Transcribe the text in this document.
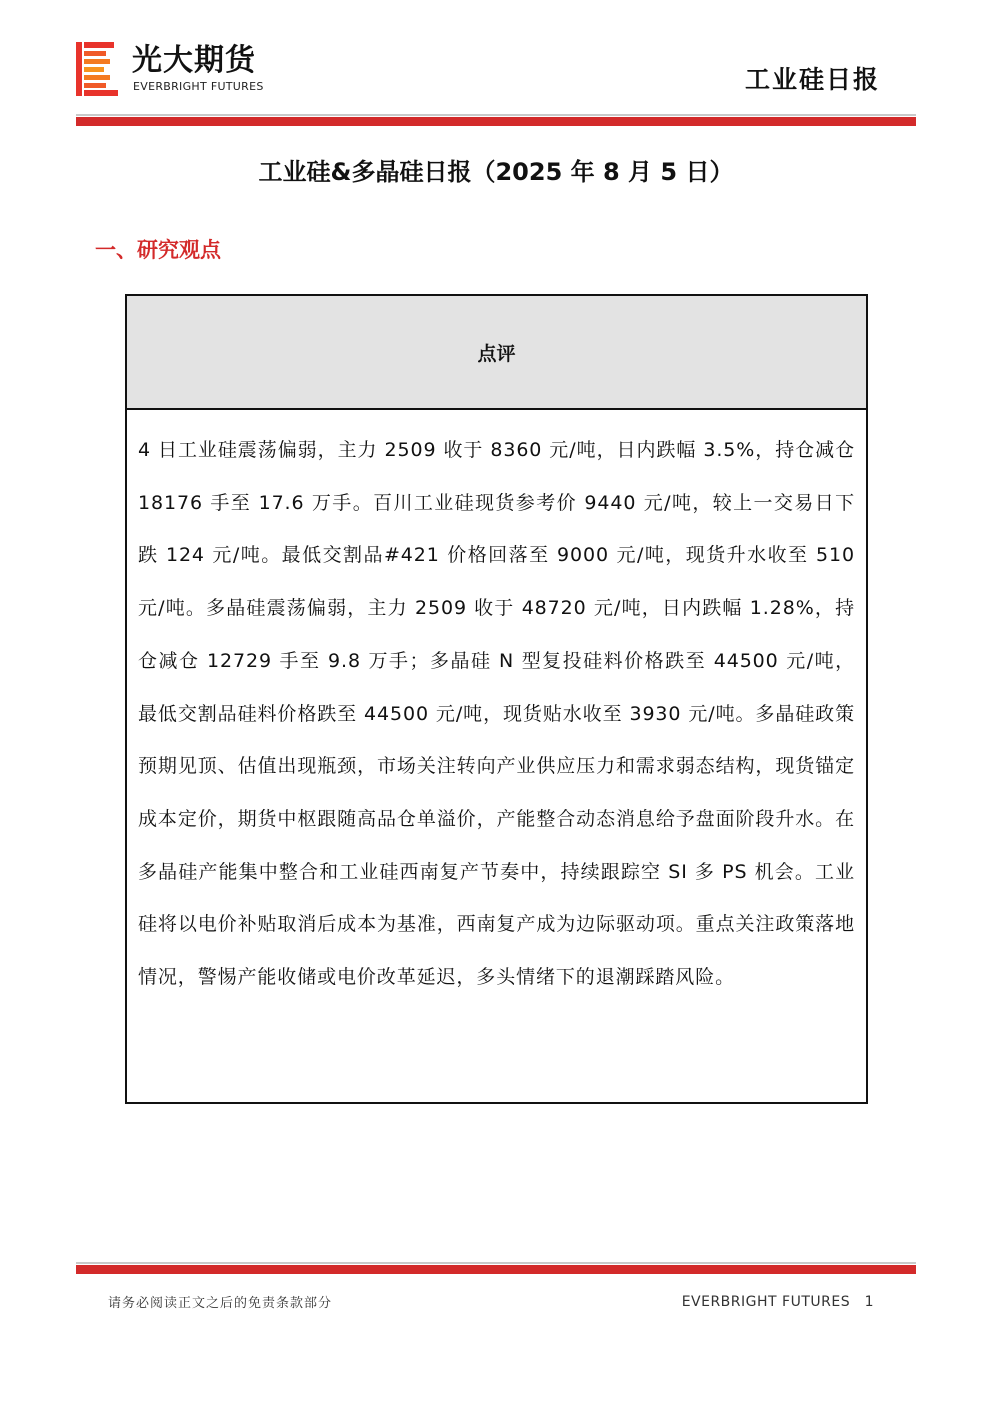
光大期货
EVERBRIGHT FUTURES	工业硅日报
工业硅&多晶硅日报（2025 年 8 月 5 日）
一、研究观点
点评
4 日工业硅震荡偏弱，主力 2509 收于 8360 元/吨，日内跌幅 3.5%，持仓减仓 18176 手至 17.6 万手。百川工业硅现货参考价 9440 元/吨，较上一交易日下跌 124 元/吨。最低交割品#421 价格回落至 9000 元/吨，现货升水收至 510 元/吨。多晶硅震荡偏弱，主力 2509 收于 48720 元/吨，日内跌幅 1.28%，持仓减仓 12729 手至 9.8 万手；多晶硅 N 型复投硅料价格跌至 44500 元/吨，最低交割品硅料价格跌至 44500 元/吨，现货贴水收至 3930 元/吨。多晶硅政策预期见顶、估值出现瓶颈，市场关注转向产业供应压力和需求弱态结构，现货锚定成本定价，期货中枢跟随高品仓单溢价，产能整合动态消息给予盘面阶段升水。在多晶硅产能集中整合和工业硅西南复产节奏中，持续跟踪空 SI 多 PS 机会。工业硅将以电价补贴取消后成本为基准，西南复产成为边际驱动项。重点关注政策落地情况，警惕产能收储或电价改革延迟，多头情绪下的退潮踩踏风险。
请务必阅读正文之后的免责条款部分	EVERBRIGHT FUTURES　1
